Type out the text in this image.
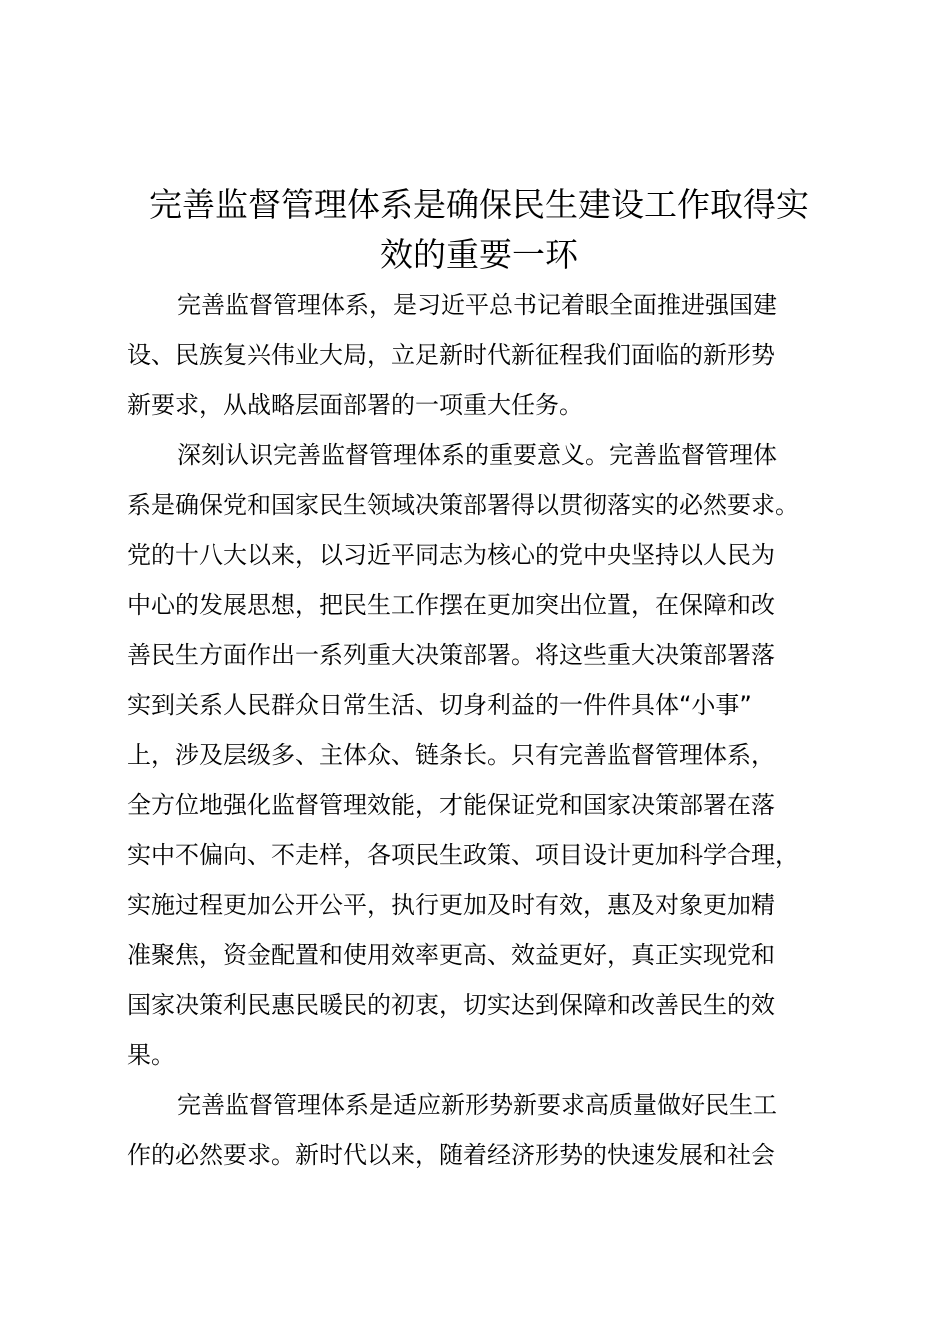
完善监督管理体系是确保民生建设工作取得实
效的重要一环
完善监督管理体系，是习近平总书记着眼全面推进强国建
设、民族复兴伟业大局，立足新时代新征程我们面临的新形势
新要求，从战略层面部署的一项重大任务。
深刻认识完善监督管理体系的重要意义。完善监督管理体
系是确保党和国家民生领域决策部署得以贯彻落实的必然要求。
党的十八大以来，以习近平同志为核心的党中央坚持以人民为
中心的发展思想，把民生工作摆在更加突出位置，在保障和改
善民生方面作出一系列重大决策部署。将这些重大决策部署落
实到关系人民群众日常生活、切身利益的一件件具体“小事”
上，涉及层级多、主体众、链条长。只有完善监督管理体系，
全方位地强化监督管理效能，才能保证党和国家决策部署在落
实中不偏向、不走样，各项民生政策、项目设计更加科学合理，
实施过程更加公开公平，执行更加及时有效，惠及对象更加精
准聚焦，资金配置和使用效率更高、效益更好，真正实现党和
国家决策利民惠民暖民的初衷，切实达到保障和改善民生的效
果。
完善监督管理体系是适应新形势新要求高质量做好民生工
作的必然要求。新时代以来，随着经济形势的快速发展和社会
